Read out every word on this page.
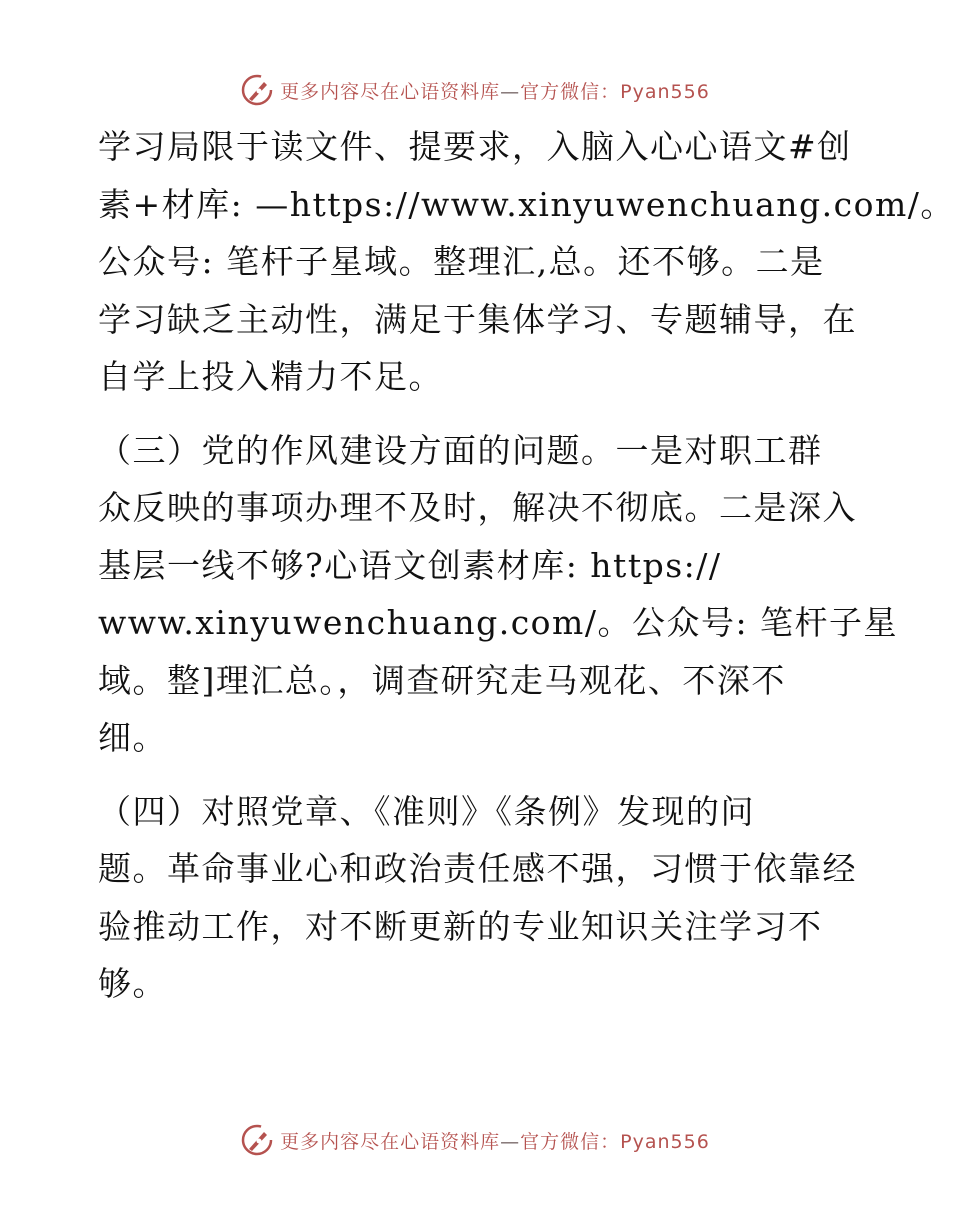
更多内容尽在心语资料库—官方微信：Pyan556

学习局限于读文件、提要求，入脑入心心语文#创
素+材库: —https://www.xinyuwenchuang.com/。
公众号: 笔杆子星域。整理汇,总。还不够。二是
学习缺乏主动性，满足于集体学习、专题辅导，在
自学上投入精力不足。

（三）党的作风建设方面的问题。一是对职工群
众反映的事项办理不及时，解决不彻底。二是深入
基层一线不够?心语文创素材库: https://
www.xinyuwenchuang.com/。公众号: 笔杆子星
域。整]理汇总。，调查研究走马观花、不深不
细。

（四）对照党章、《准则》《条例》发现的问
题。革命事业心和政治责任感不强，习惯于依靠经
验推动工作，对不断更新的专业知识关注学习不
够。

更多内容尽在心语资料库—官方微信：Pyan556
